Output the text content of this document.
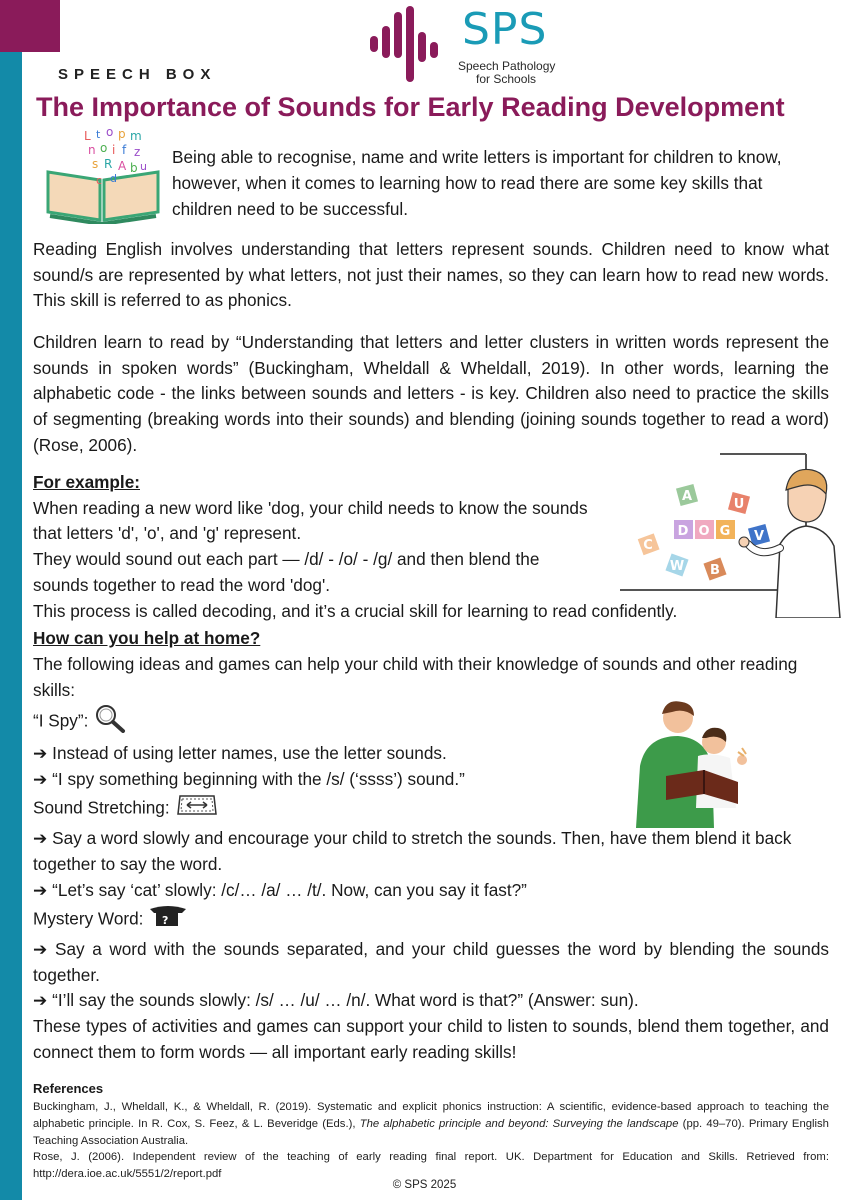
SPS
Speech Pathology
for Schools
SPEECH BOX
The Importance of Sounds for Early Reading Development
L t o p m
n o i f z
s R A b
c d
u Being able to recognise, name and write letters is important for children to know, however, when it comes to learning how to read there are some key skills that children need to be successful.
Reading English involves understanding that letters represent sounds. Children need to know what sound/s are represented by what letters, not just their names, so they can learn how to read new words. This skill is referred to as phonics.
Children learn to read by “Understanding that letters and letter clusters in written words represent the sounds in spoken words” (Buckingham, Wheldall & Wheldall, 2019). In other words, learning the alphabetic code - the links between sounds and letters - is key. Children also need to practice the skills of segmenting (breaking words into their sounds) and blending (joining sounds together to read a word) (Rose, 2006).
For example:
When reading a new word like 'dog, your child needs to know the sounds
that letters 'd', 'o', and 'g' represent.
They would sound out each part — /d/ - /o/ - /g/ and then blend the
sounds together to read the word 'dog'.
This process is called decoding, and it’s a crucial skill for learning to read confidently.
How can you help at home?
The following ideas and games can help your child with their knowledge of sounds and other reading skills:
“I Spy”:
➔ Instead of using letter names, use the letter sounds.
➔ “I spy something beginning with the /s/ (‘ssss’) sound.”
Sound Stretching:
➔ Say a word slowly and encourage your child to stretch the sounds. Then, have them blend it back together to say the word.
➔ “Let’s say ‘cat’ slowly: /c/… /a/ … /t/. Now, can you say it fast?”
Mystery Word: ?
➔ Say a word with the sounds separated, and your child guesses the word by blending the sounds together.
➔ “I’ll say the sounds slowly: /s/ … /u/ … /n/. What word is that?” (Answer: sun).
These types of activities and games can support your child to listen to sounds, blend them together, and connect them to form words — all important early reading skills!
A
U
D O G V
C
W B
References
Buckingham, J., Wheldall, K., & Wheldall, R. (2019). Systematic and explicit phonics instruction: A scientific, evidence-based approach to teaching the alphabetic principle. In R. Cox, S. Feez, & L. Beveridge (Eds.), The alphabetic principle and beyond: Surveying the landscape (pp. 49–70). Primary English Teaching Association Australia.
Rose, J. (2006). Independent review of the teaching of early reading final report. UK. Department for Education and Skills. Retrieved from: http://dera.ioe.ac.uk/5551/2/report.pdf
© SPS 2025
